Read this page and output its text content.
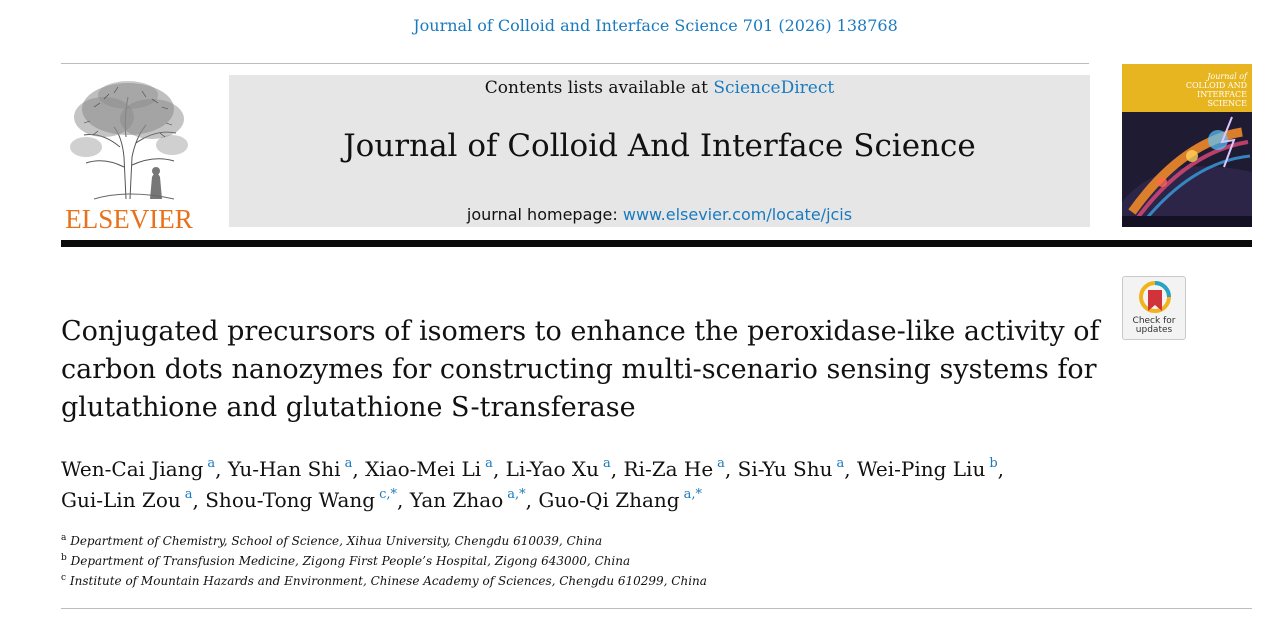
Journal of Colloid and Interface Science 701 (2026) 138768
ELSEVIER
Contents lists available at ScienceDirect
Journal of Colloid And Interface Science
journal homepage: www.elsevier.com/locate/jcis
Journal of
COLLOID AND
INTERFACE
SCIENCE
Check for
updates
Conjugated precursors of isomers to enhance the peroxidase-like activity of carbon dots nanozymes for constructing multi-scenario sensing systems for glutathione and glutathione S-transferase
Wen-Cai Jiang  $^a$, Yu-Han Shi  $^a$, Xiao-Mei Li  $^a$, Li-Yao Xu  $^a$, Ri-Za He  $^a$, Si-Yu Shu  $^a$, Wei-Ping Liu  $^b$,
Gui-Lin Zou  $^a$, Shou-Tong Wang  $^{c,*}$, Yan Zhao  $^{a,*}$, Guo-Qi Zhang  $^{a,*}$
$^a$ Department of Chemistry, School of Science, Xihua University, Chengdu 610039, China
$^b$ Department of Transfusion Medicine, Zigong First People’s Hospital, Zigong 643000, China
$^c$ Institute of Mountain Hazards and Environment, Chinese Academy of Sciences, Chengdu 610299, China
